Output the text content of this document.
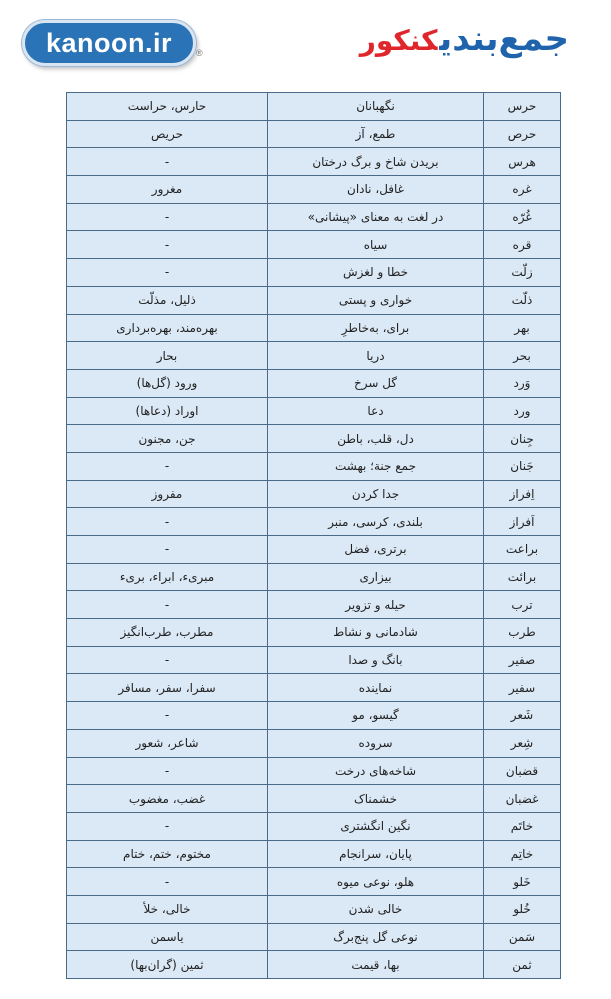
kanoon.ir	®	جمع‌بندیکنکور
حرس	نگهبانان	حارس، حراست
حرص	طمع، آز	حریص
هرس	بریدن شاخ و برگ درختان	-
غره	غافل، نادان	مغرور
غُرّه	در لغت به معنای «پیشانی»	-
قره	سیاه	-
زلّت	خطا و لغزش	-
ذلّت	خواری و پستی	ذلیل، مذلّت
بهر	برای، به‌خاطرِ	بهره‌مند، بهره‌برداری
بحر	دریا	بحار
وَرد	گل سرخ	ورود (گل‌ها)
ورد	دعا	اوراد (دعاها)
جِنان	دل، قلب، باطن	جن، مجنون
جَنان	جمع جنة؛ بهشت	-
اِفراز	جدا کردن	مفروز
اَفراز	بلندی، کرسی، منبر	-
براعت	برتری، فضل	-
برائت	بیزاری	مبریء، ابراء، بریء
ترب	حیله و تزویر	-
طرب	شادمانی و نشاط	مطرب، طرب‌انگیز
صفیر	بانگ و صدا	-
سفیر	نماینده	سفرا، سفر، مسافر
شَعر	گیسو، مو	-
شِعر	سروده	شاعر، شعور
قضبان	شاخه‌های درخت	-
غضبان	خشمناک	غضب، مغضوب
خاتَم	نگین انگشتری	-
خاتِم	پایان، سرانجام	مختوم، ختم، ختام
خَلو	هلو، نوعی میوه	-
خُلو	خالی شدن	خالی، خلأ
سَمن	نوعی گل پنج‌برگ	یاسمن
ثمن	بها، قیمت	ثمین (گران‌بها)
